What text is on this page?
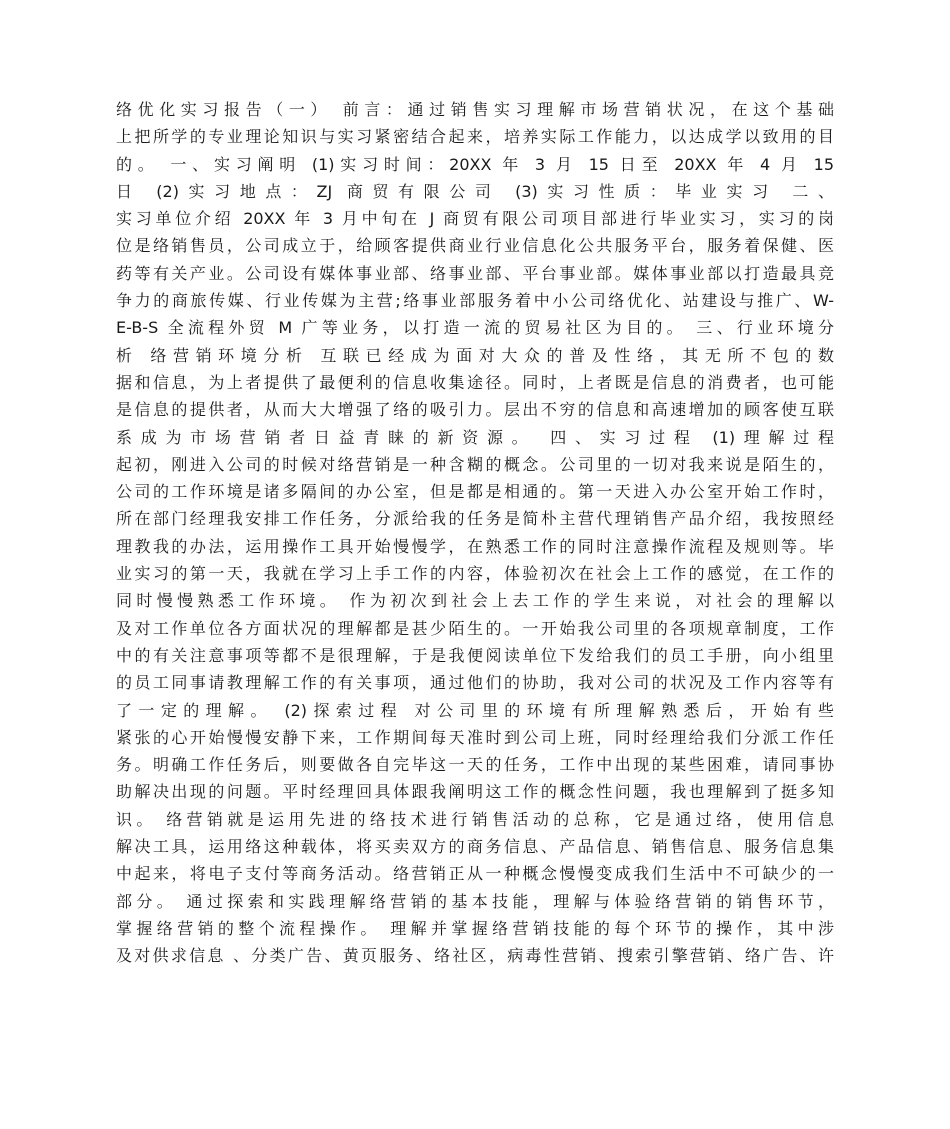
络优化实习报告（一） 前言：通过销售实习理解市场营销状况，在这个基础
上把所学的专业理论知识与实习紧密结合起来，培养实际工作能力，以达成学以致用的目
的。 一、实习阐明 (1)实习时间：20XX 年 3 月 15 日至 20XX 年 4 月 15
日 (2)实习地点：ZJ 商贸有限公司 (3)实习性质：毕业实习 二、
实习单位介绍 20XX 年 3 月中旬在 J 商贸有限公司项目部进行毕业实习，实习的岗
位是络销售员，公司成立于，给顾客提供商业行业信息化公共服务平台，服务着保健、医
药等有关产业。公司设有媒体事业部、络事业部、平台事业部。媒体事业部以打造最具竞
争力的商旅传媒、行业传媒为主营;络事业部服务着中小公司络优化、站建设与推广、W-
E-B-S 全流程外贸 M 广等业务，以打造一流的贸易社区为目的。 三、行业环境分
析 络营销环境分析 互联已经成为面对大众的普及性络，其无所不包的数
据和信息，为上者提供了最便利的信息收集途径。同时，上者既是信息的消费者，也可能
是信息的提供者，从而大大增强了络的吸引力。层出不穷的信息和高速增加的顾客使互联
系成为市场营销者日益青睐的新资源。 四、实习过程 (1)理解过程
起初，刚进入公司的时候对络营销是一种含糊的概念。公司里的一切对我来说是陌生的，
公司的工作环境是诸多隔间的办公室，但是都是相通的。第一天进入办公室开始工作时，
所在部门经理我安排工作任务，分派给我的任务是简朴主营代理销售产品介绍，我按照经
理教我的办法，运用操作工具开始慢慢学，在熟悉工作的同时注意操作流程及规则等。毕
业实习的第一天，我就在学习上手工作的内容，体验初次在社会上工作的感觉，在工作的
同时慢慢熟悉工作环境。 作为初次到社会上去工作的学生来说，对社会的理解以
及对工作单位各方面状况的理解都是甚少陌生的。一开始我公司里的各项规章制度，工作
中的有关注意事项等都不是很理解，于是我便阅读单位下发给我们的员工手册，向小组里
的员工同事请教理解工作的有关事项，通过他们的协助，我对公司的状况及工作内容等有
了一定的理解。 (2)探索过程 对公司里的环境有所理解熟悉后，开始有些
紧张的心开始慢慢安静下来，工作期间每天准时到公司上班，同时经理给我们分派工作任
务。明确工作任务后，则要做各自完毕这一天的任务，工作中出现的某些困难，请同事协
助解决出现的问题。平时经理回具体跟我阐明这工作的概念性问题，我也理解到了挺多知
识。 络营销就是运用先进的络技术进行销售活动的总称，它是通过络，使用信息
解决工具，运用络这种载体，将买卖双方的商务信息、产品信息、销售信息、服务信息集
中起来，将电子支付等商务活动。络营销正从一种概念慢慢变成我们生活中不可缺少的一
部分。 通过探索和实践理解络营销的基本技能，理解与体验络营销的销售环节，
掌握络营销的整个流程操作。 理解并掌握络营销技能的每个环节的操作，其中涉
及对供求信息 、分类广告、黄页服务、络社区，病毒性营销、搜索引擎营销、络广告、许
